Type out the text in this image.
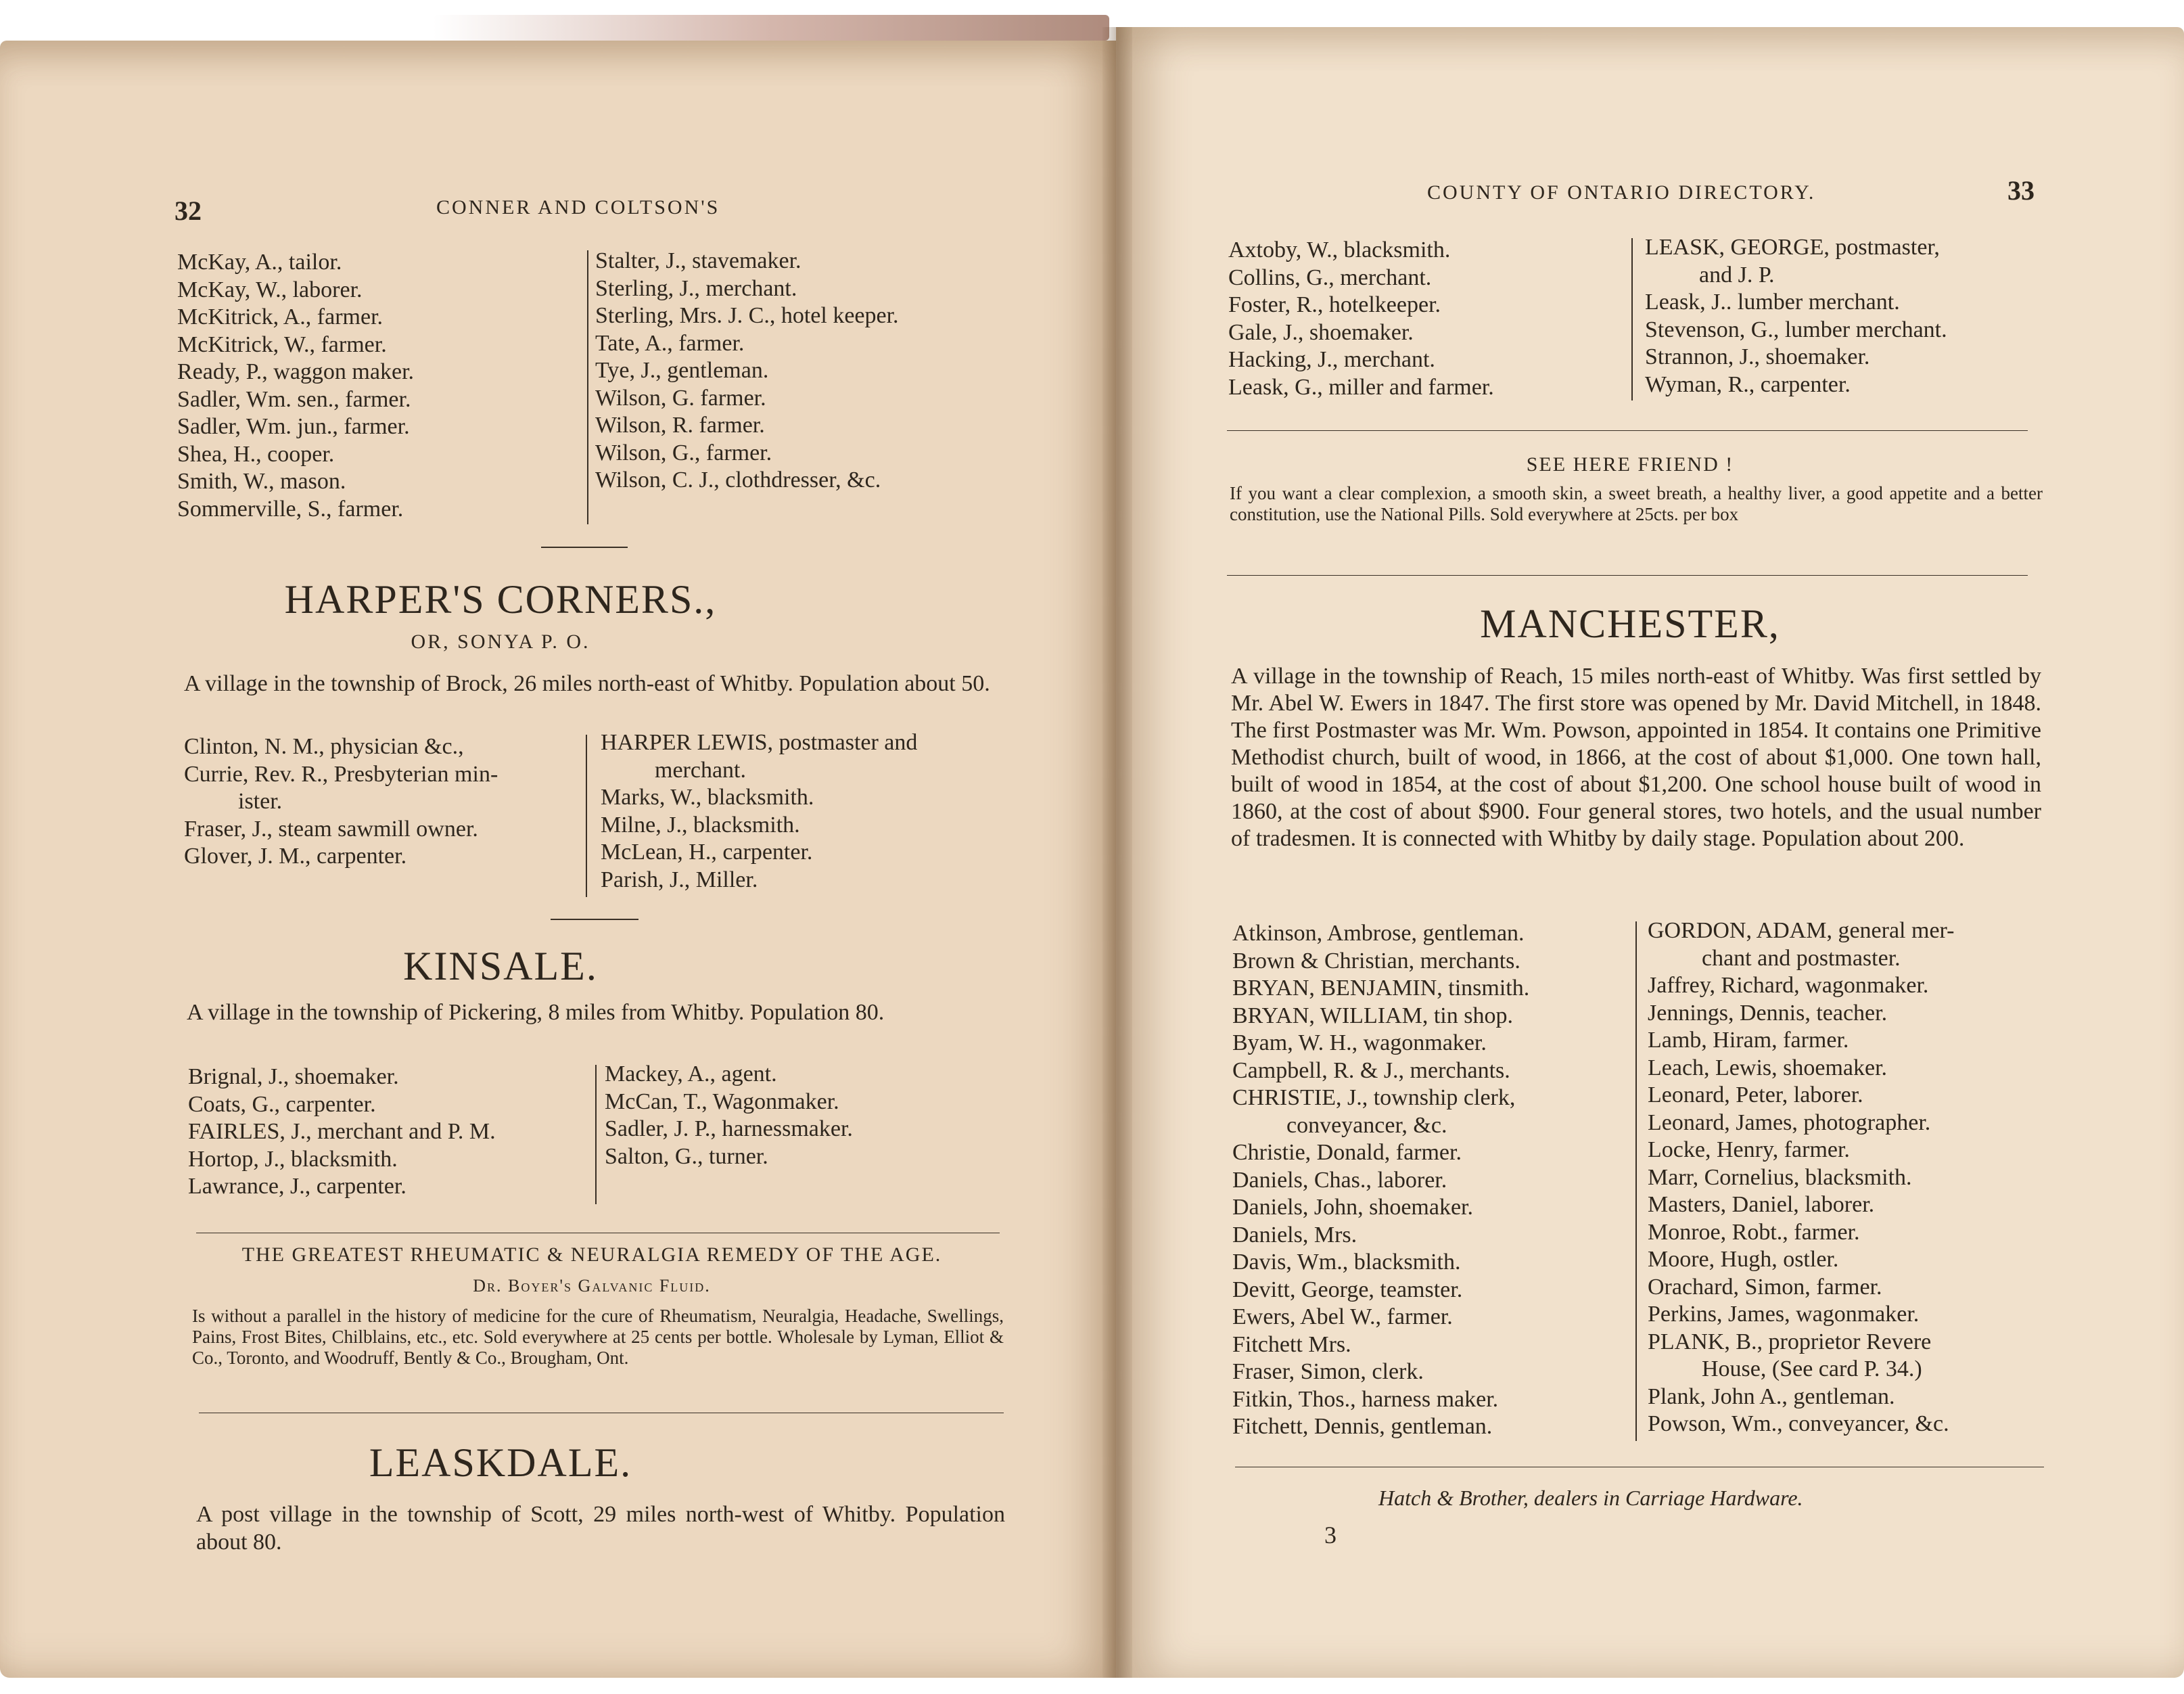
32	CONNER AND COLTSON'S
McKay, A., tailor.
McKay, W., laborer.
McKitrick, A., farmer.
McKitrick, W., farmer.
Ready, P., waggon maker.
Sadler, Wm. sen., farmer.
Sadler, Wm. jun., farmer.
Shea, H., cooper.
Smith, W., mason.
Sommerville, S., farmer.
Stalter, J., stavemaker.
Sterling, J., merchant.
Sterling, Mrs. J. C., hotel keeper.
Tate, A., farmer.
Tye, J., gentleman.
Wilson, G. farmer.
Wilson, R. farmer.
Wilson, G., farmer.
Wilson, C. J., clothdresser, &c.
HARPER'S CORNERS.,
OR, SONYA P. O.
A village in the township of Brock, 26 miles north-east of Whitby. Population about 50.
Clinton, N. M., physician &c.,
Currie, Rev. R., Presbyterian min-
ister.
Fraser, J., steam sawmill owner.
Glover, J. M., carpenter.
HARPER LEWIS, postmaster and
merchant.
Marks, W., blacksmith.
Milne, J., blacksmith.
McLean, H., carpenter.
Parish, J., Miller.
KINSALE.
A village in the township of Pickering, 8 miles from Whitby. Population 80.
Brignal, J., shoemaker.
Coats, G., carpenter.
FAIRLES, J., merchant and P. M.
Hortop, J., blacksmith.
Lawrance, J., carpenter.
Mackey, A., agent.
McCan, T., Wagonmaker.
Sadler, J. P., harnessmaker.
Salton, G., turner.
THE GREATEST RHEUMATIC & NEURALGIA REMEDY OF THE AGE.
Dr. Boyer's Galvanic Fluid.
Is without a parallel in the history of medicine for the cure of Rheumatism, Neuralgia, Headache, Swellings, Pains, Frost Bites, Chilblains, etc., etc. Sold everywhere at 25 cents per bottle. Wholesale by Lyman, Elliot & Co., Toronto, and Woodruff, Bently & Co., Brougham, Ont.
LEASKDALE.
A post village in the township of Scott, 29 miles north-west of Whitby. Population about 80.
COUNTY OF ONTARIO DIRECTORY.	33
Axtoby, W., blacksmith.
Collins, G., merchant.
Foster, R., hotelkeeper.
Gale, J., shoemaker.
Hacking, J., merchant.
Leask, G., miller and farmer.
LEASK, GEORGE, postmaster,
and J. P.
Leask, J.. lumber merchant.
Stevenson, G., lumber merchant.
Strannon, J., shoemaker.
Wyman, R., carpenter.
SEE HERE FRIEND !
If you want a clear complexion, a smooth skin, a sweet breath, a healthy liver, a good appetite and a better constitution, use the National Pills. Sold everywhere at 25cts. per box
MANCHESTER,
A village in the township of Reach, 15 miles north-east of Whitby. Was first settled by Mr. Abel W. Ewers in 1847. The first store was opened by Mr. David Mitchell, in 1848. The first Postmaster was Mr. Wm. Powson, appointed in 1854. It contains one Primitive Methodist church, built of wood, in 1866, at the cost of about $1,000. One town hall, built of wood in 1854, at the cost of about $1,200. One school house built of wood in 1860, at the cost of about $900. Four general stores, two hotels, and the usual number of tradesmen. It is connected with Whitby by daily stage. Population about 200.
Atkinson, Ambrose, gentleman.
Brown & Christian, merchants.
BRYAN, BENJAMIN, tinsmith.
BRYAN, WILLIAM, tin shop.
Byam, W. H., wagonmaker.
Campbell, R. & J., merchants.
CHRISTIE, J., township clerk,
conveyancer, &c.
Christie, Donald, farmer.
Daniels, Chas., laborer.
Daniels, John, shoemaker.
Daniels, Mrs.
Davis, Wm., blacksmith.
Devitt, George, teamster.
Ewers, Abel W., farmer.
Fitchett Mrs.
Fraser, Simon, clerk.
Fitkin, Thos., harness maker.
Fitchett, Dennis, gentleman.
GORDON, ADAM, general mer-
chant and postmaster.
Jaffrey, Richard, wagonmaker.
Jennings, Dennis, teacher.
Lamb, Hiram, farmer.
Leach, Lewis, shoemaker.
Leonard, Peter, laborer.
Leonard, James, photographer.
Locke, Henry, farmer.
Marr, Cornelius, blacksmith.
Masters, Daniel, laborer.
Monroe, Robt., farmer.
Moore, Hugh, ostler.
Orachard, Simon, farmer.
Perkins, James, wagonmaker.
PLANK, B., proprietor Revere
House, (See card P. 34.)
Plank, John A., gentleman.
Powson, Wm., conveyancer, &c.
Hatch & Brother, dealers in Carriage Hardware.
3
